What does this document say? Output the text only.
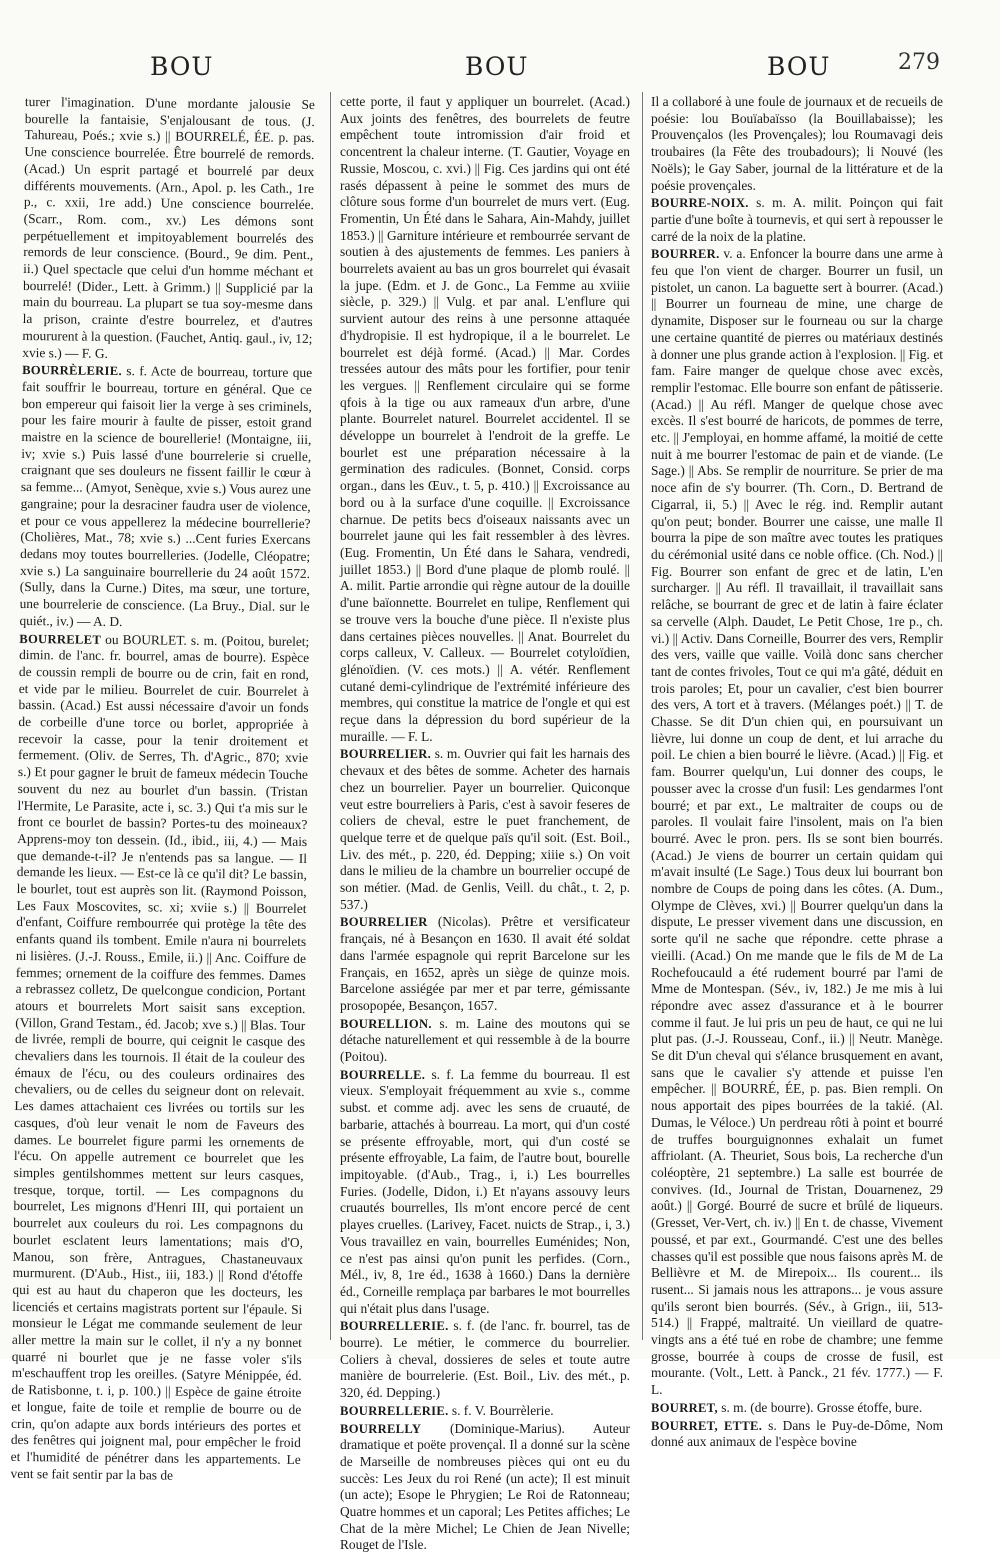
BOU	BOU	BOU	279

turer l'imagination. D'une mordante jalousie Se bourelle la fantaisie, S'enjalousant de tous. (J. Tahureau, Poés.; xvie s.) || BOURRELÉ, ÉE. p. pas. Une conscience bourrelée. Être bourrelé de remords. (Acad.) Un esprit partagé et bourrelé par deux différents mouvements. (Arn., Apol. p. les Cath., 1re p., c. xxii, 1re add.) Une conscience bourrelée. (Scarr., Rom. com., xv.) Les démons sont perpétuellement et impitoyablement bourrelés des remords de leur conscience. (Bourd., 9e dim. Pent., ii.) Quel spectacle que celui d'un homme méchant et bourrelé! (Dider., Lett. à Grimm.) || Supplicié par la main du bourreau. La plupart se tua soy-mesme dans la prison, crainte d'estre bourrelez, et d'autres moururent à la question. (Fauchet, Antiq. gaul., iv, 12; xvie s.) — F. G.

BOURRÈLERIE. s. f. Acte de bourreau, torture que fait souffrir le bourreau, torture en général. Que ce bon empereur qui faisoit lier la verge à ses criminels, pour les faire mourir à faulte de pisser, estoit grand maistre en la science de bourellerie! (Montaigne, iii, iv; xvie s.) Puis lassé d'une bourrelerie si cruelle, craignant que ses douleurs ne fissent faillir le cœur à sa femme... (Amyot, Senèque, xvie s.) Vous aurez une gangraine; pour la desraciner faudra user de violence, et pour ce vous appellerez la médecine bourrellerie? (Cholières, Mat., 78; xvie s.) ...Cent furies Exercans dedans moy toutes bourrelleries. (Jodelle, Cléopatre; xvie s.) La sanguinaire bourrellerie du 24 août 1572. (Sully, dans la Curne.) Dites, ma sœur, une torture, une bourrelerie de conscience. (La Bruy., Dial. sur le quiét., iv.) — A. D.

BOURRELET ou BOURLET. s. m. (Poitou, burelet; dimin. de l'anc. fr. bourrel, amas de bourre). Espèce de coussin rempli de bourre ou de crin, fait en rond, et vide par le milieu. Bourrelet de cuir. Bourrelet à bassin. (Acad.) Est aussi nécessaire d'avoir un fonds de corbeille d'une torce ou borlet, appropriée à recevoir la casse, pour la tenir droitement et fermement. (Oliv. de Serres, Th. d'Agric., 870; xvie s.) Et pour gagner le bruit de fameux médecin Touche souvent du nez au bourlet d'un bassin. (Tristan l'Hermite, Le Parasite, acte i, sc. 3.) Qui t'a mis sur le front ce bourlet de bassin? Portes-tu des moineaux? Apprens-moy ton dessein. (Id., ibid., iii, 4.) — Mais que demande-t-il? Je n'entends pas sa langue. — Il demande les lieux. — Est-ce là ce qu'il dit? Le bassin, le bourlet, tout est auprès son lit. (Raymond Poisson, Les Faux Moscovites, sc. xi; xviie s.) || Bourrelet d'enfant, Coiffure rembourrée qui protège la tête des enfants quand ils tombent. Emile n'aura ni bourrelets ni lisières. (J.-J. Rouss., Emile, ii.) || Anc. Coiffure de femmes; ornement de la coiffure des femmes. Dames a rebrassez colletz, De quelcongue condicion, Portant atours et bourrelets Mort saisit sans exception. (Villon, Grand Testam., éd. Jacob; xve s.) || Blas. Tour de livrée, rempli de bourre, qui ceignit le casque des chevaliers dans les tournois. Il était de la couleur des émaux de l'écu, ou des couleurs ordinaires des chevaliers, ou de celles du seigneur dont on relevait. Les dames attachaient ces livrées ou tortils sur les casques, d'où leur venait le nom de Faveurs des dames. Le bourrelet figure parmi les ornements de l'écu. On appelle autrement ce bourrelet que les simples gentilshommes mettent sur leurs casques, tresque, torque, tortil. — Les compagnons du bourrelet, Les mignons d'Henri III, qui portaient un bourrelet aux couleurs du roi. Les compagnons du bourlet esclatent leurs lamentations; mais d'O, Manou, son frère, Antragues, Chastaneuvaux murmurent. (D'Aub., Hist., iii, 183.) || Rond d'étoffe qui est au haut du chaperon que les docteurs, les licenciés et certains magistrats portent sur l'épaule. Si monsieur le Légat me commande seulement de leur aller mettre la main sur le collet, il n'y a ny bonnet quarré ni bourlet que je ne fasse voler s'ils m'eschauffent trop les oreilles. (Satyre Ménippée, éd. de Ratisbonne, t. i, p. 100.) || Espèce de gaine étroite et longue, faite de toile et remplie de bourre ou de crin, qu'on adapte aux bords intérieurs des portes et des fenêtres qui joignent mal, pour empêcher le froid et l'humidité de pénétrer dans les appartements. Le vent se fait sentir par la bas de

cette porte, il faut y appliquer un bourrelet. (Acad.) Aux joints des fenêtres, des bourrelets de feutre empêchent toute intromission d'air froid et concentrent la chaleur interne. (T. Gautier, Voyage en Russie, Moscou, c. xvi.) || Fig. Ces jardins qui ont été rasés dépassent à peine le sommet des murs de clôture sous forme d'un bourrelet de murs vert. (Eug. Fromentin, Un Été dans le Sahara, Ain-Mahdy, juillet 1853.) || Garniture intérieure et rembourrée servant de soutien à des ajustements de femmes. Les paniers à bourrelets avaient au bas un gros bourrelet qui évasait la jupe. (Edm. et J. de Gonc., La Femme au xviiie siècle, p. 329.) || Vulg. et par anal. L'enflure qui survient autour des reins à une personne attaquée d'hydropisie. Il est hydropique, il a le bourrelet. Le bourrelet est déjà formé. (Acad.) || Mar. Cordes tressées autour des mâts pour les fortifier, pour tenir les vergues. || Renflement circulaire qui se forme qfois à la tige ou aux rameaux d'un arbre, d'une plante. Bourrelet naturel. Bourrelet accidentel. Il se développe un bourrelet à l'endroit de la greffe. Le bourlet est une préparation nécessaire à la germination des radicules. (Bonnet, Consid. corps organ., dans les Œuv., t. 5, p. 410.) || Excroissance au bord ou à la surface d'une coquille. || Excroissance charnue. De petits becs d'oiseaux naissants avec un bourrelet jaune qui les fait ressembler à des lèvres. (Eug. Fromentin, Un Été dans le Sahara, vendredi, juillet 1853.) || Bord d'une plaque de plomb roulé. || A. milit. Partie arrondie qui règne autour de la douille d'une baïonnette. Bourrelet en tulipe, Renflement qui se trouve vers la bouche d'une pièce. Il n'existe plus dans certaines pièces nouvelles. || Anat. Bourrelet du corps calleux, V. Calleux. — Bourrelet cotyloïdien, glénoïdien. (V. ces mots.) || A. vétér. Renflement cutané demi-cylindrique de l'extrémité inférieure des membres, qui constitue la matrice de l'ongle et qui est reçue dans la dépression du bord supérieur de la muraille. — F. L.

BOURRELIER. s. m. Ouvrier qui fait les harnais des chevaux et des bêtes de somme. Acheter des harnais chez un bourrelier. Payer un bourrelier. Quiconque veut estre bourreliers à Paris, c'est à savoir feseres de coliers de cheval, estre le puet franchement, de quelque terre et de quelque païs qu'il soit. (Est. Boil., Liv. des mét., p. 220, éd. Depping; xiiie s.) On voit dans le milieu de la chambre un bourrelier occupé de son métier. (Mad. de Genlis, Veill. du chât., t. 2, p. 537.)

BOURRELIER (Nicolas). Prêtre et versificateur français, né à Besançon en 1630. Il avait été soldat dans l'armée espagnole qui reprit Barcelone sur les Français, en 1652, après un siège de quinze mois. Barcelone assiégée par mer et par terre, gémissante prosopopée, Besançon, 1657.

BOURELLION. s. m. Laine des moutons qui se détache naturellement et qui ressemble à de la bourre (Poitou).

BOURRELLE. s. f. La femme du bourreau. Il est vieux. S'employait fréquemment au xvie s., comme subst. et comme adj. avec les sens de cruauté, de barbarie, attachés à bourreau. La mort, qui d'un costé se présente effroyable, mort, qui d'un costé se présente effroyable, La faim, de l'autre bout, bourelle impitoyable. (d'Aub., Trag., i, i.) Les bourrelles Furies. (Jodelle, Didon, i.) Et n'ayans assouvy leurs cruautés bourrelles, Ils m'ont encore percé de cent playes cruelles. (Larivey, Facet. nuicts de Strap., i, 3.) Vous travaillez en vain, bourrelles Euménides; Non, ce n'est pas ainsi qu'on punit les perfides. (Corn., Mél., iv, 8, 1re éd., 1638 à 1660.) Dans la dernière éd., Corneille remplaça par barbares le mot bourrelles qui n'était plus dans l'usage.

BOURRELLERIE. s. f. (de l'anc. fr. bourrel, tas de bourre). Le métier, le commerce du bourrelier. Coliers à cheval, dossieres de seles et toute autre manière de bourrelerie. (Est. Boil., Liv. des mét., p. 320, éd. Depping.)

BOURRELLERIE. s. f. V. Bourrèlerie.

BOURRELLY (Dominique-Marius). Auteur dramatique et poëte provençal. Il a donné sur la scène de Marseille de nombreuses pièces qui ont eu du succès: Les Jeux du roi René (un acte); Il est minuit (un acte); Esope le Phrygien; Le Roi de Ratonneau; Quatre hommes et un caporal; Les Petites affiches; Le Chat de la mère Michel; Le Chien de Jean Nivelle; Rouget de l'Isle.

Il a collaboré à une foule de journaux et de recueils de poésie: lou Bouïabaïsso (la Bouillabaisse); les Prouvençalos (les Provençales); lou Roumavagi deis troubaires (la Fête des troubadours); li Nouvé (les Noëls); le Gay Saber, journal de la littérature et de la poésie provençales.

BOURRE-NOIX. s. m. A. milit. Poinçon qui fait partie d'une boîte à tournevis, et qui sert à repousser le carré de la noix de la platine.

BOURRER. v. a. Enfoncer la bourre dans une arme à feu que l'on vient de charger. Bourrer un fusil, un pistolet, un canon. La baguette sert à bourrer. (Acad.) || Bourrer un fourneau de mine, une charge de dynamite, Disposer sur le fourneau ou sur la charge une certaine quantité de pierres ou matériaux destinés à donner une plus grande action à l'explosion. || Fig. et fam. Faire manger de quelque chose avec excès, remplir l'estomac. Elle bourre son enfant de pâtisserie. (Acad.) || Au réfl. Manger de quelque chose avec excès. Il s'est bourré de haricots, de pommes de terre, etc. || J'employai, en homme affamé, la moitié de cette nuit à me bourrer l'estomac de pain et de viande. (Le Sage.) || Abs. Se remplir de nourriture. Se prier de ma noce afin de s'y bourrer. (Th. Corn., D. Bertrand de Cigarral, ii, 5.) || Avec le rég. ind. Remplir autant qu'on peut; bonder. Bourrer une caisse, une malle Il bourra la pipe de son maître avec toutes les pratiques du cérémonial usité dans ce noble office. (Ch. Nod.) || Fig. Bourrer son enfant de grec et de latin, L'en surcharger. || Au réfl. Il travaillait, il travaillait sans relâche, se bourrant de grec et de latin à faire éclater sa cervelle (Alph. Daudet, Le Petit Chose, 1re p., ch. vi.) || Activ. Dans Corneille, Bourrer des vers, Remplir des vers, vaille que vaille. Voilà donc sans chercher tant de contes frivoles, Tout ce qui m'a gâté, déduit en trois paroles; Et, pour un cavalier, c'est bien bourrer des vers, A tort et à travers. (Mélanges poét.) || T. de Chasse. Se dit D'un chien qui, en poursuivant un lièvre, lui donne un coup de dent, et lui arrache du poil. Le chien a bien bourré le lièvre. (Acad.) || Fig. et fam. Bourrer quelqu'un, Lui donner des coups, le pousser avec la crosse d'un fusil: Les gendarmes l'ont bourré; et par ext., Le maltraiter de coups ou de paroles. Il voulait faire l'insolent, mais on l'a bien bourré. Avec le pron. pers. Ils se sont bien bourrés. (Acad.) Je viens de bourrer un certain quidam qui m'avait insulté (Le Sage.) Tous deux lui bourrant bon nombre de Coups de poing dans les côtes. (A. Dum., Olympe de Clèves, xvi.) || Bourrer quelqu'un dans la dispute, Le presser vivement dans une discussion, en sorte qu'il ne sache que répondre. cette phrase a vieilli. (Acad.) On me mande que le fils de M de La Rochefoucauld a été rudement bourré par l'ami de Mme de Montespan. (Sév., iv, 182.) Je me mis à lui répondre avec assez d'assurance et à le bourrer comme il faut. Je lui pris un peu de haut, ce qui ne lui plut pas. (J.-J. Rousseau, Conf., ii.) || Neutr. Manège. Se dit D'un cheval qui s'élance brusquement en avant, sans que le cavalier s'y attende et puisse l'en empêcher. || BOURRÉ, ÉE, p. pas. Bien rempli. On nous apportait des pipes bourrées de la takié. (Al. Dumas, le Véloce.) Un perdreau rôti à point et bourré de truffes bourguignonnes exhalait un fumet affriolant. (A. Theuriet, Sous bois, La recherche d'un coléoptère, 21 septembre.) La salle est bourrée de convives. (Id., Journal de Tristan, Douarnenez, 29 août.) || Gorgé. Bourré de sucre et brûlé de liqueurs. (Gresset, Ver-Vert, ch. iv.) || En t. de chasse, Vivement poussé, et par ext., Gourmandé. C'est une des belles chasses qu'il est possible que nous faisons après M. de Bellièvre et M. de Mirepoix... Ils courent... ils rusent... Si jamais nous les attrapons... je vous assure qu'ils seront bien bourrés. (Sév., à Grign., iii, 513-514.) || Frappé, maltraité. Un vieillard de quatre-vingts ans a été tué en robe de chambre; une femme grosse, bourrée à coups de crosse de fusil, est mourante. (Volt., Lett. à Panck., 21 fév. 1777.) — F. L.

BOURRET, s. m. (de bourre). Grosse étoffe, bure.

BOURRET, ETTE. s. Dans le Puy-de-Dôme, Nom donné aux animaux de l'espèce bovine
